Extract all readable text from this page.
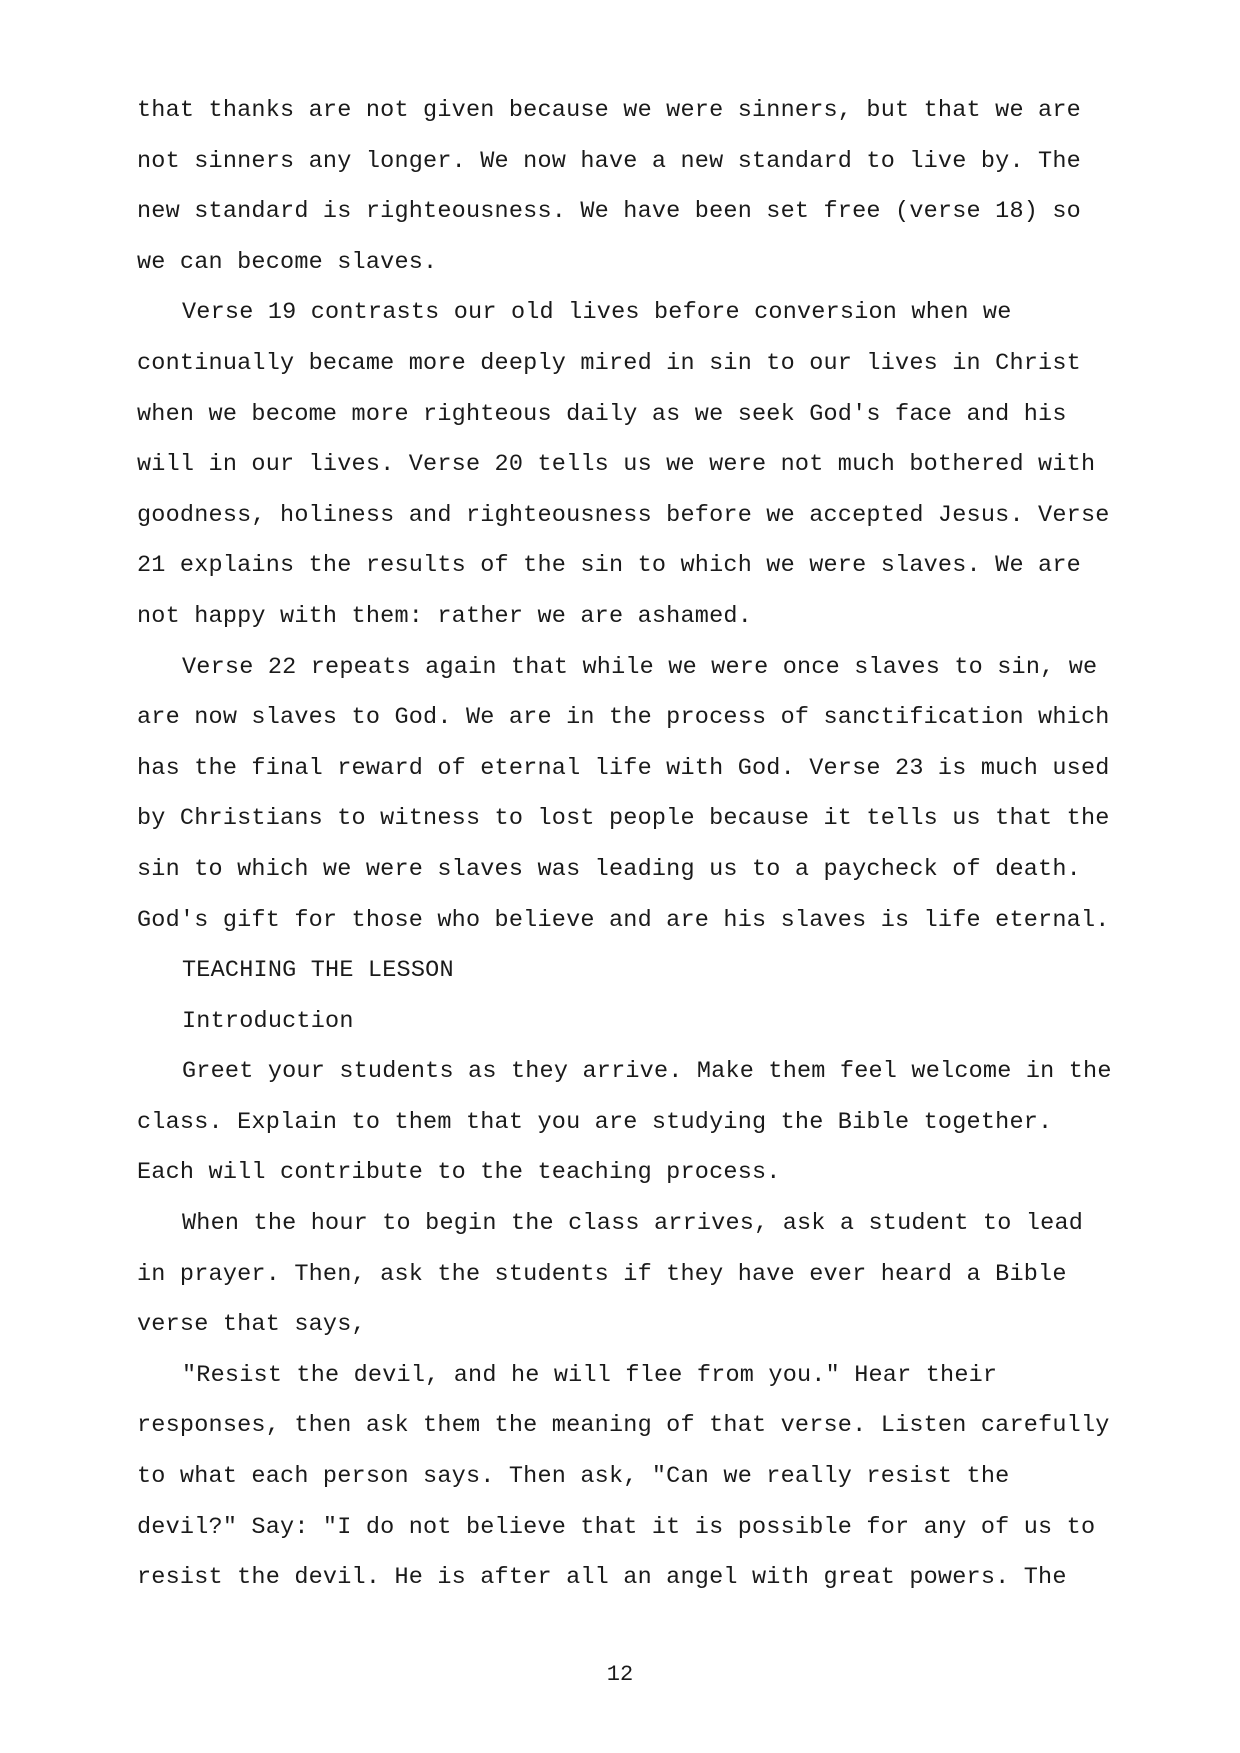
that thanks are not given because we were sinners, but that we are
not sinners any longer. We now have a new standard to live by. The
new standard is righteousness. We have been set free (verse 18) so
we can become slaves.
Verse 19 contrasts our old lives before conversion when we
continually became more deeply mired in sin to our lives in Christ
when we become more righteous daily as we seek God's face and his
will in our lives. Verse 20 tells us we were not much bothered with
goodness, holiness and righteousness before we accepted Jesus. Verse
21 explains the results of the sin to which we were slaves. We are
not happy with them: rather we are ashamed.
Verse 22 repeats again that while we were once slaves to sin, we
are now slaves to God. We are in the process of sanctification which
has the final reward of eternal life with God. Verse 23 is much used
by Christians to witness to lost people because it tells us that the
sin to which we were slaves was leading us to a paycheck of death.
God's gift for those who believe and are his slaves is life eternal.
TEACHING THE LESSON
Introduction
Greet your students as they arrive. Make them feel welcome in the
class. Explain to them that you are studying the Bible together.
Each will contribute to the teaching process.
When the hour to begin the class arrives, ask a student to lead
in prayer. Then, ask the students if they have ever heard a Bible
verse that says,
"Resist the devil, and he will flee from you." Hear their
responses, then ask them the meaning of that verse. Listen carefully
to what each person says. Then ask, "Can we really resist the
devil?" Say: "I do not believe that it is possible for any of us to
resist the devil. He is after all an angel with great powers. The
12
